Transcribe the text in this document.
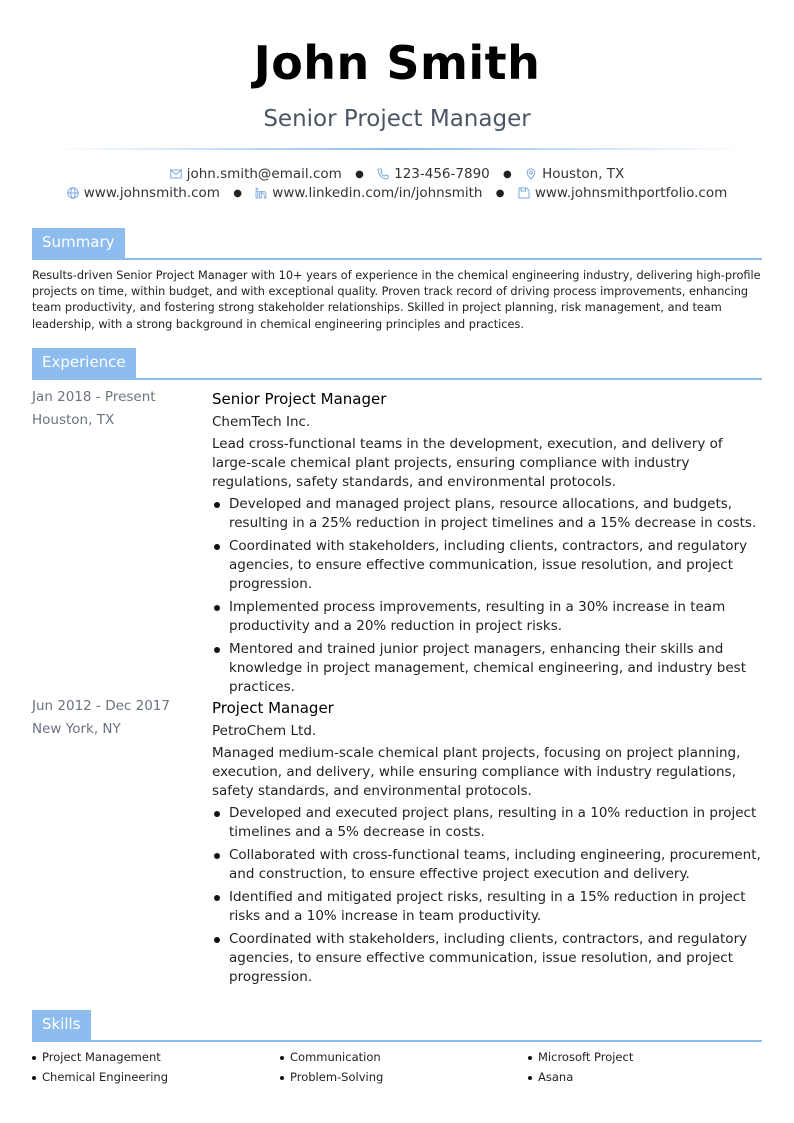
John Smith
Senior Project Manager
john.smith@email.com ● 123-456-7890 ● Houston, TX
www.johnsmith.com ● www.linkedin.com/in/johnsmith ● www.johnsmithportfolio.com
Summary
Results-driven Senior Project Manager with 10+ years of experience in the chemical engineering industry, delivering high-profile projects on time, within budget, and with exceptional quality. Proven track record of driving process improvements, enhancing team productivity, and fostering strong stakeholder relationships. Skilled in project planning, risk management, and team leadership, with a strong background in chemical engineering principles and practices.
Experience
Jan 2018 - Present
Houston, TX
Senior Project Manager
ChemTech Inc.
Lead cross-functional teams in the development, execution, and delivery of large-scale chemical plant projects, ensuring compliance with industry regulations, safety standards, and environmental protocols.
Developed and managed project plans, resource allocations, and budgets, resulting in a 25% reduction in project timelines and a 15% decrease in costs.
Coordinated with stakeholders, including clients, contractors, and regulatory agencies, to ensure effective communication, issue resolution, and project progression.
Implemented process improvements, resulting in a 30% increase in team productivity and a 20% reduction in project risks.
Mentored and trained junior project managers, enhancing their skills and knowledge in project management, chemical engineering, and industry best practices.
Jun 2012 - Dec 2017
New York, NY
Project Manager
PetroChem Ltd.
Managed medium-scale chemical plant projects, focusing on project planning, execution, and delivery, while ensuring compliance with industry regulations, safety standards, and environmental protocols.
Developed and executed project plans, resulting in a 10% reduction in project timelines and a 5% decrease in costs.
Collaborated with cross-functional teams, including engineering, procurement, and construction, to ensure effective project execution and delivery.
Identified and mitigated project risks, resulting in a 15% reduction in project risks and a 10% increase in team productivity.
Coordinated with stakeholders, including clients, contractors, and regulatory agencies, to ensure effective communication, issue resolution, and project progression.
Skills
Project Management	Communication	Microsoft Project
Chemical Engineering	Problem-Solving	Asana
